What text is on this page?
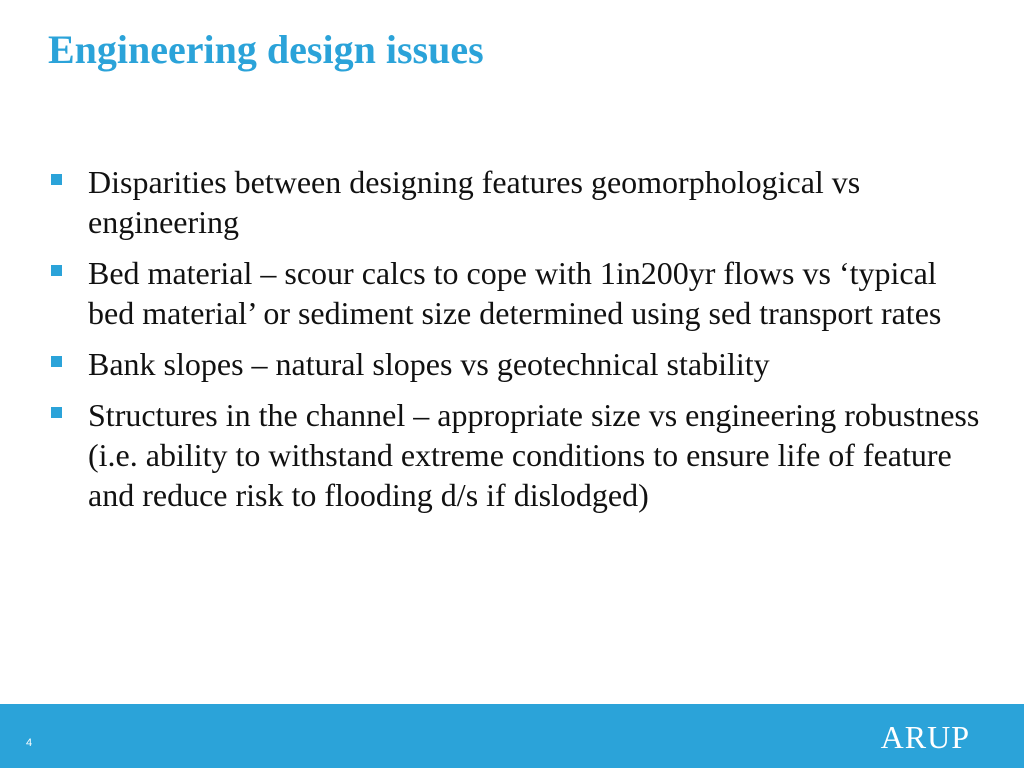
Engineering design issues
Disparities between designing features geomorphological vs engineering
Bed material – scour calcs to cope with 1in200yr flows vs ‘typical bed material’ or sediment size determined using sed transport rates
Bank slopes – natural slopes vs geotechnical stability
Structures in the channel – appropriate size vs engineering robustness (i.e. ability to withstand extreme conditions to ensure life of feature and reduce risk to flooding d/s if dislodged)
4	ARUP
